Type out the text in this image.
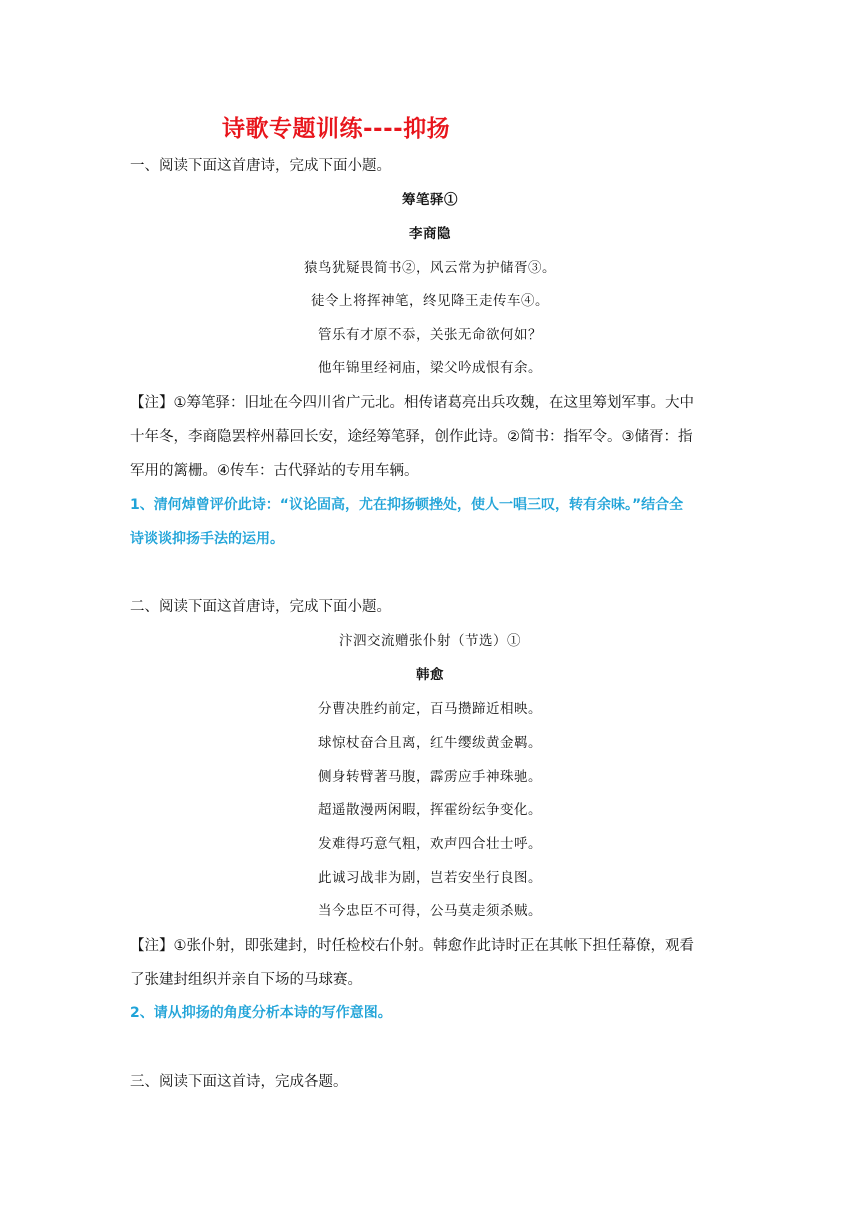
诗歌专题训练----抑扬
一、阅读下面这首唐诗，完成下面小题。
筹笔驿①
李商隐
猿鸟犹疑畏简书②，风云常为护储胥③。
徒令上将挥神笔，终见降王走传车④。
管乐有才原不忝，关张无命欲何如？
他年锦里经祠庙，梁父吟成恨有余。
【注】①筹笔驿：旧址在今四川省广元北。相传诸葛亮出兵攻魏，在这里筹划军事。大中
十年冬，李商隐罢梓州幕回长安，途经筹笔驿，创作此诗。②简书：指军令。③储胥：指
军用的篱栅。④传车：古代驿站的专用车辆。
1、清何焯曾评价此诗：“议论固高，尤在抑扬顿挫处，使人一唱三叹，转有余味。”结合全
诗谈谈抑扬手法的运用。
二、阅读下面这首唐诗，完成下面小题。
汴泗交流赠张仆射（节选）①
韩愈
分曹决胜约前定，百马攒蹄近相映。
球惊杖奋合且离，红牛缨绂黄金羁。
侧身转臂著马腹，霹雳应手神珠驰。
超遥散漫两闲暇，挥霍纷纭争变化。
发难得巧意气粗，欢声四合壮士呼。
此诚习战非为剧，岂若安坐行良图。
当今忠臣不可得，公马莫走须杀贼。
【注】①张仆射，即张建封，时任检校右仆射。韩愈作此诗时正在其帐下担任幕僚，观看
了张建封组织并亲自下场的马球赛。
2、请从抑扬的角度分析本诗的写作意图。
三、阅读下面这首诗，完成各题。
